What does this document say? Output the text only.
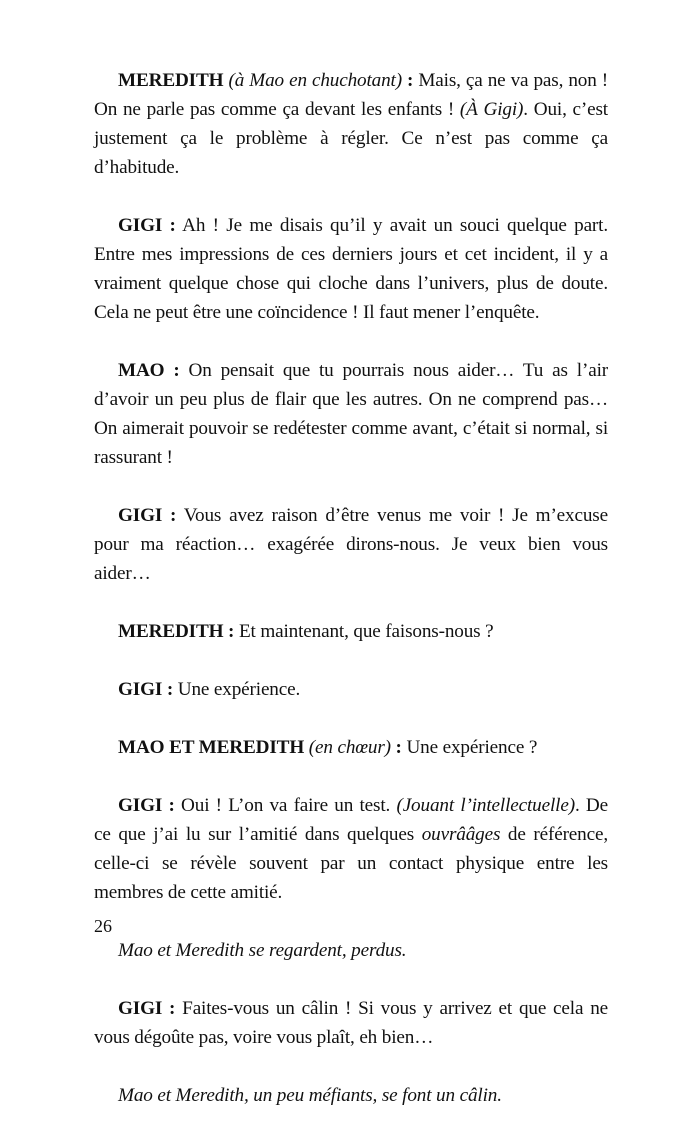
MEREDITH (à Mao en chuchotant) : Mais, ça ne va pas, non ! On ne parle pas comme ça devant les enfants ! (À Gigi). Oui, c’est justement ça le problème à régler. Ce n’est pas comme ça d’habitude.

GIGI : Ah ! Je me disais qu’il y avait un souci quelque part. Entre mes impressions de ces derniers jours et cet incident, il y a vraiment quelque chose qui cloche dans l’univers, plus de doute. Cela ne peut être une coïncidence ! Il faut mener l’enquête.

MAO : On pensait que tu pourrais nous aider… Tu as l’air d’avoir un peu plus de flair que les autres. On ne comprend pas… On aimerait pouvoir se redétester comme avant, c’était si normal, si rassurant !

GIGI : Vous avez raison d’être venus me voir ! Je m’excuse pour ma réaction… exagérée dirons-nous. Je veux bien vous aider…

MEREDITH : Et maintenant, que faisons-nous ?

GIGI : Une expérience.

MAO ET MEREDITH (en chœur) : Une expérience ?

GIGI : Oui ! L’on va faire un test. (Jouant l’intellectuelle). De ce que j’ai lu sur l’amitié dans quelques ouvrââges de référence, celle-ci se révèle souvent par un contact physique entre les membres de cette amitié.

Mao et Meredith se regardent, perdus.

GIGI : Faites-vous un câlin ! Si vous y arrivez et que cela ne vous dégoûte pas, voire vous plaît, eh bien…

Mao et Meredith, un peu méfiants, se font un câlin.

26
